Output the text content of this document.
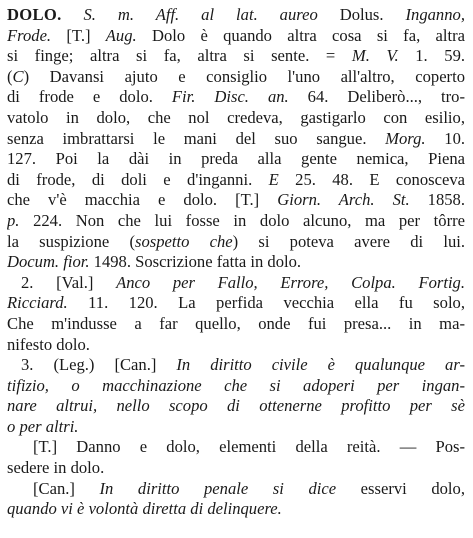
DOLO. S. m. Aff. al lat. aureo Dolus. Inganno,
Frode. [T.] Aug. Dolo è quando altra cosa si fa, altra
si finge; altra si fa, altra si sente. = M. V. 1. 59.
(C) Davansi ajuto e consiglio l'uno all'altro, coperto
di frode e dolo. Fir. Disc. an. 64. Deliberò..., tro-
vatolo in dolo, che nol credeva, gastigarlo con esilio,
senza imbrattarsi le mani del suo sangue. Morg. 10.
127. Poi la dài in preda alla gente nemica, Piena
di frode, di doli e d'inganni. E 25. 48. E conosceva
che v'è macchia e dolo. [T.] Giorn. Arch. St. 1858.
p. 224. Non che lui fosse in dolo alcuno, ma per tôrre
la suspizione (sospetto che) si poteva avere di lui.
Docum. fior. 1498. Soscrizione fatta in dolo.
2. [Val.] Anco per Fallo, Errore, Colpa. Fortig.
Ricciard. 11. 120. La perfida vecchia ella fu solo,
Che m'indusse a far quello, onde fui presa... in ma-
nifesto dolo.
3. (Leg.) [Can.] In diritto civile è qualunque ar-
tifizio, o macchinazione che si adoperi per ingan-
nare altrui, nello scopo di ottenerne profitto per sè
o per altri.
[T.] Danno e dolo, elementi della reità. — Pos-
sedere in dolo.
[Can.] In diritto penale si dice esservi dolo,
quando vi è volontà diretta di delinquere.
